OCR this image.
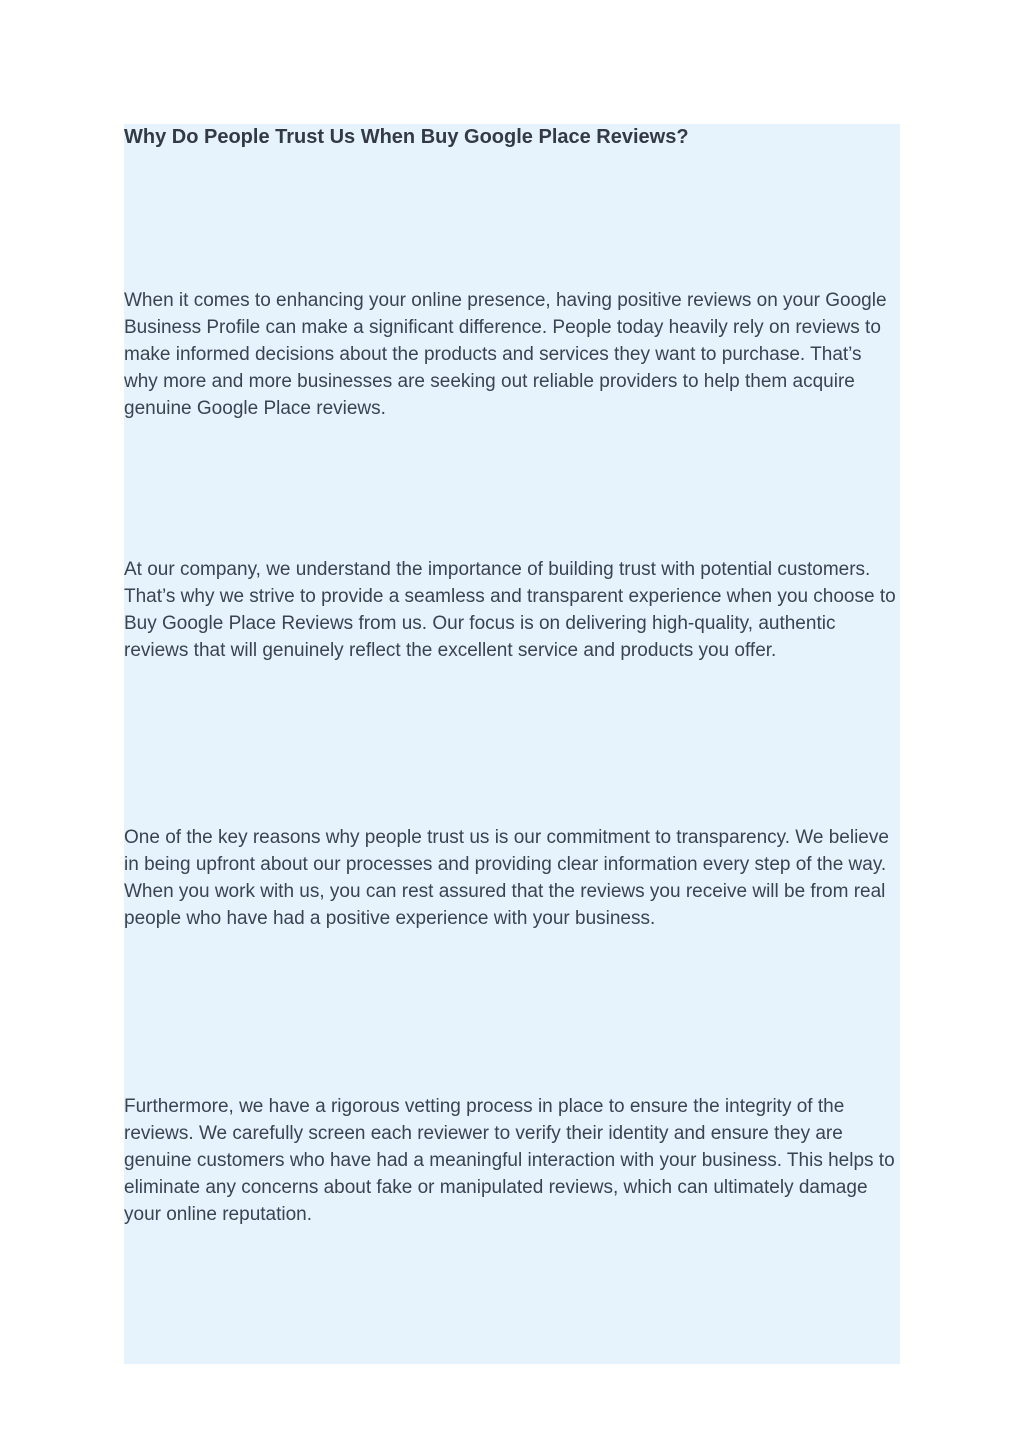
Why Do People Trust Us When Buy Google Place Reviews?

When it comes to enhancing your online presence, having positive reviews on your Google Business Profile can make a significant difference. People today heavily rely on reviews to make informed decisions about the products and services they want to purchase. That’s why more and more businesses are seeking out reliable providers to help them acquire genuine Google Place reviews.

At our company, we understand the importance of building trust with potential customers. That’s why we strive to provide a seamless and transparent experience when you choose to Buy Google Place Reviews from us. Our focus is on delivering high-quality, authentic reviews that will genuinely reflect the excellent service and products you offer.

One of the key reasons why people trust us is our commitment to transparency. We believe in being upfront about our processes and providing clear information every step of the way. When you work with us, you can rest assured that the reviews you receive will be from real people who have had a positive experience with your business.

Furthermore, we have a rigorous vetting process in place to ensure the integrity of the reviews. We carefully screen each reviewer to verify their identity and ensure they are genuine customers who have had a meaningful interaction with your business. This helps to eliminate any concerns about fake or manipulated reviews, which can ultimately damage your online reputation.
